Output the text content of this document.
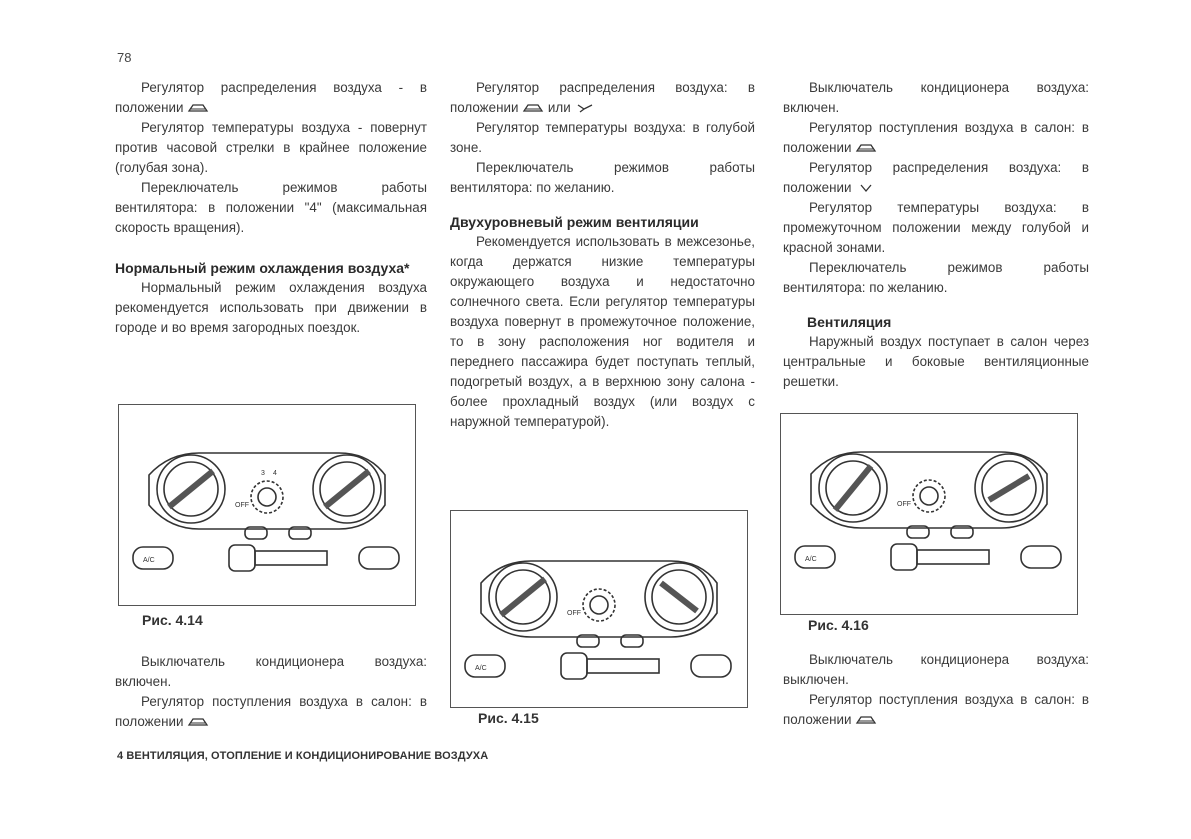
78

Регулятор распределения воздуха - в положении

Регулятор температуры воздуха - повернут против часовой стрелки в крайнее положение (голубая зона).

Переключатель режимов работы вентилятора: в положении "4" (максимальная скорость вращения).

Нормальный режим охлаждения воздуха*

Нормальный режим охлаждения воздуха рекомендуется использовать при движении в городе и во время загородных поездок.

A/C
OFF
3 4
Рис. 4.14

Выключатель кондиционера воздуха: включен.

Регулятор поступления воздуха в салон: в положении

Регулятор распределения воздуха: в положении или

Регулятор температуры воздуха: в голубой зоне.

Переключатель режимов работы вентилятора: по желанию.

Двухуровневый режим вентиляции

Рекомендуется использовать в межсезонье, когда держатся низкие температуры окружающего воздуха и недостаточно солнечного света. Если регулятор температуры воздуха повернут в промежуточное положение, то в зону расположения ног водителя и переднего пассажира будет поступать теплый, подогретый воздух, а в верхнюю зону салона - более прохладный воздух (или воздух с наружной температурой).

A/C
OFF
Рис. 4.15

Выключатель кондиционера воздуха: включен.

Регулятор поступления воздуха в салон: в положении

Регулятор распределения воздуха: в положении

Регулятор температуры воздуха: в промежуточном положении между голубой и красной зонами.

Переключатель режимов работы вентилятора: по желанию.

Вентиляция

Наружный воздух поступает в салон через центральные и боковые вентиляционные решетки.

A/C
OFF
Рис. 4.16

Выключатель кондиционера воздуха: выключен.

Регулятор поступления воздуха в салон: в положении

4 ВЕНТИЛЯЦИЯ, ОТОПЛЕНИЕ И КОНДИЦИОНИРОВАНИЕ ВОЗДУХА
